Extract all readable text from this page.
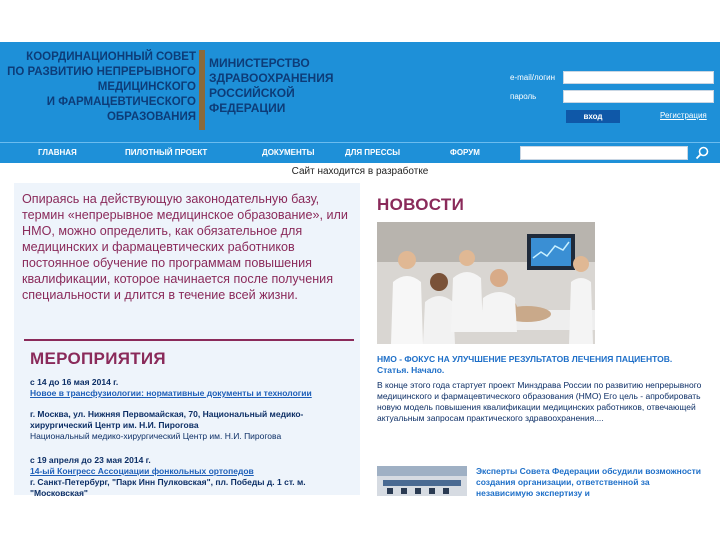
КООРДИНАЦИОННЫЙ СОВЕТ
ПО РАЗВИТИЮ НЕПРЕРЫВНОГО
МЕДИЦИНСКОГО
И ФАРМАЦЕВТИЧЕСКОГО
ОБРАЗОВАНИЯ
МИНИСТЕРСТВО
ЗДРАВООХРАНЕНИЯ
РОССИЙСКОЙ
ФЕДЕРАЦИИ
e-mail/логин
пароль
вход	Регистрация
ГЛАВНАЯ	ПИЛОТНЫЙ ПРОЕКТ	ДОКУМЕНТЫ	ДЛЯ ПРЕССЫ	ФОРУМ
Сайт находится в разработке
Опираясь на действующую законодательную базу, термин «непрерывное медицинское образование», или НМО, можно определить, как обязательное для медицинских и фармацевтических работников постоянное обучение по программам повышения квалификации, которое начинается после получения специальности и длится в течение всей жизни.
МЕРОПРИЯТИЯ
с 14 до 16 мая 2014 г.
Новое в трансфузиологии: нормативные документы и технологии
г. Москва, ул. Нижняя Первомайская, 70, Национальный медико-хирургический Центр им. Н.И. Пирогова
Национальный медико-хирургический Центр им. Н.И. Пирогова
с 19 апреля до 23 мая 2014 г.
14-ый Конгресс Ассоциации фонкольных ортопедов
г. Санкт-Петербург, "Парк Инн Пулковская", пл. Победы д. 1 ст. м. "Московская"
НОВОСТИ
НМО - ФОКУС НА УЛУЧШЕНИЕ РЕЗУЛЬТАТОВ ЛЕЧЕНИЯ ПАЦИЕНТОВ. Статья. Начало.
В конце этого года стартует проект Минздрава России по развитию непрерывного медицинского и фармацевтического образования (НМО) Его цель - апробировать новую модель повышения квалификации медицинских работников, отвечающей актуальным запросам практического здравоохранения....
Эксперты Совета Федерации обсудили возможности создания организации, ответственной за независимую экспертизу и
